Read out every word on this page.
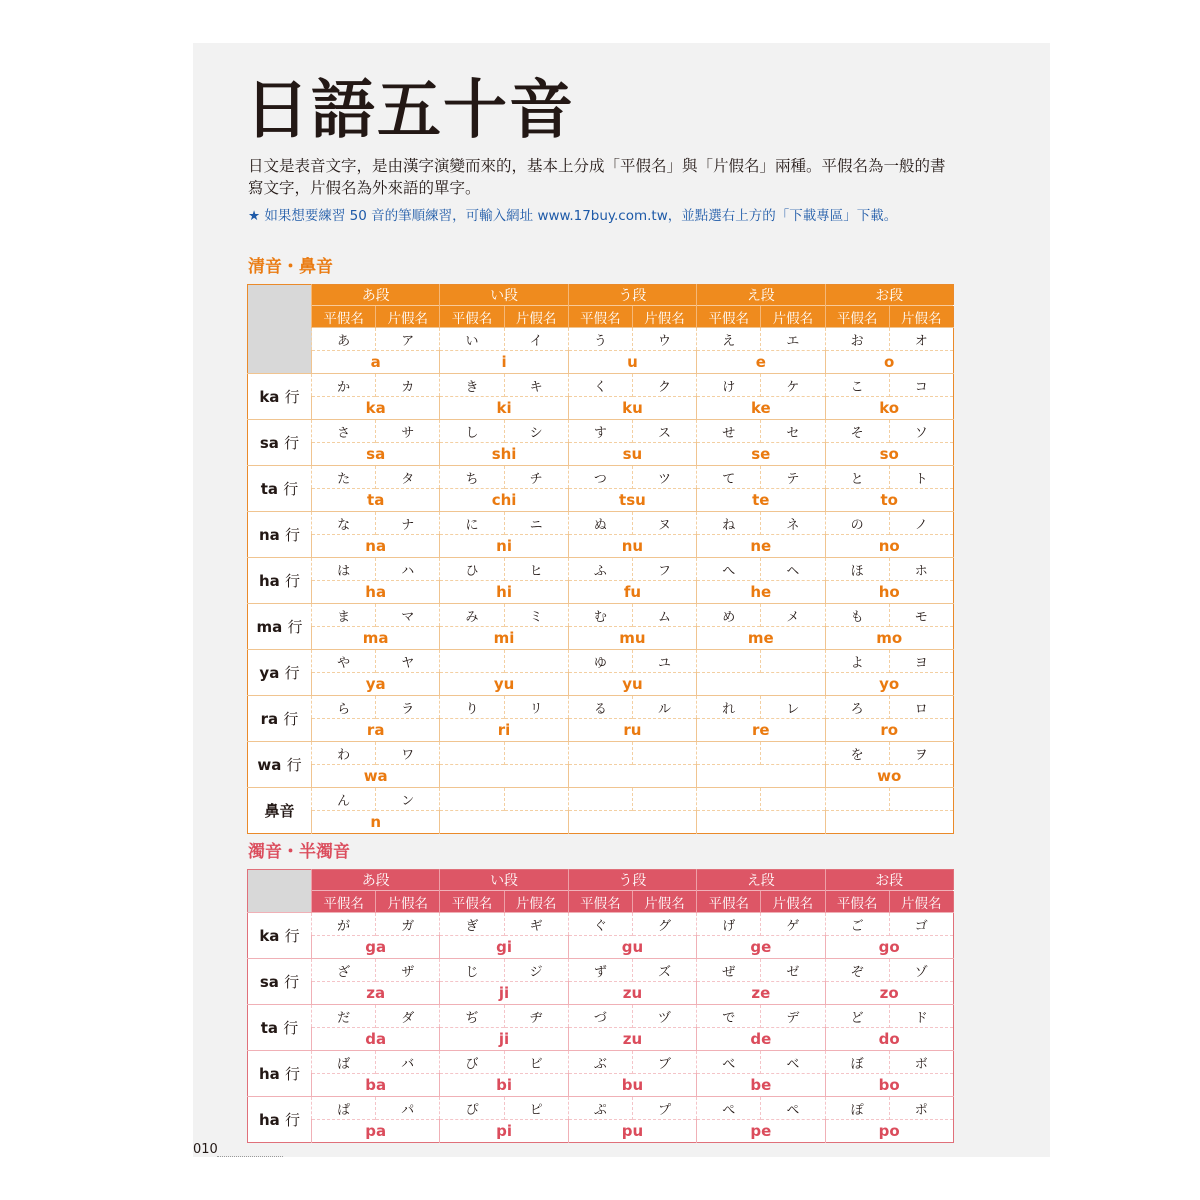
日語五十音

日文是表音文字，是由漢字演變而來的，基本上分成「平假名」與「片假名」兩種。平假名為一般的書寫文字，片假名為外來語的單字。

★ 如果想要練習 50 音的筆順練習，可輸入網址 www.17buy.com.tw，並點選右上方的「下載專區」下載。

清音・鼻音
	あ段		い段		う段		え段		お段	
	平假名	片假名	平假名	片假名	平假名	片假名	平假名	片假名	平假名	片假名
	あ	ア	い	イ	う	ウ	え	エ	お	オ
	a		i		u		e		o	
ka 行	か	カ	き	キ	く	ク	け	ケ	こ	コ
	ka		ki		ku		ke		ko	
sa 行	さ	サ	し	シ	す	ス	せ	セ	そ	ソ
	sa		shi		su		se		so	
ta 行	た	タ	ち	チ	つ	ツ	て	テ	と	ト
	ta		chi		tsu		te		to	
na 行	な	ナ	に	ニ	ぬ	ヌ	ね	ネ	の	ノ
	na		ni		nu		ne		no	
ha 行	は	ハ	ひ	ヒ	ふ	フ	へ	ヘ	ほ	ホ
	ha		hi		fu		he		ho	
ma 行	ま	マ	み	ミ	む	ム	め	メ	も	モ
	ma		mi		mu		me		mo	
ya 行	や	ヤ			ゆ	ユ			よ	ヨ
	ya		yu		yu				yo	
ra 行	ら	ラ	り	リ	る	ル	れ	レ	ろ	ロ
	ra		ri		ru		re		ro	
wa 行	わ	ワ							を	ヲ
	wa								wo	
鼻音	ん	ン								
	n									
濁音・半濁音
	あ段		い段		う段		え段		お段	
	平假名	片假名	平假名	片假名	平假名	片假名	平假名	片假名	平假名	片假名
ka 行	が	ガ	ぎ	ギ	ぐ	グ	げ	ゲ	ご	ゴ
	ga		gi		gu		ge		go	
sa 行	ざ	ザ	じ	ジ	ず	ズ	ぜ	ゼ	ぞ	ゾ
	za		ji		zu		ze		zo	
ta 行	だ	ダ	ぢ	ヂ	づ	ヅ	で	デ	ど	ド
	da		ji		zu		de		do	
ha 行	ば	バ	び	ビ	ぶ	ブ	べ	ベ	ぼ	ボ
	ba		bi		bu		be		bo	
ha 行	ぱ	パ	ぴ	ピ	ぷ	プ	ぺ	ペ	ぽ	ポ
	pa		pi		pu		pe		po	
010
